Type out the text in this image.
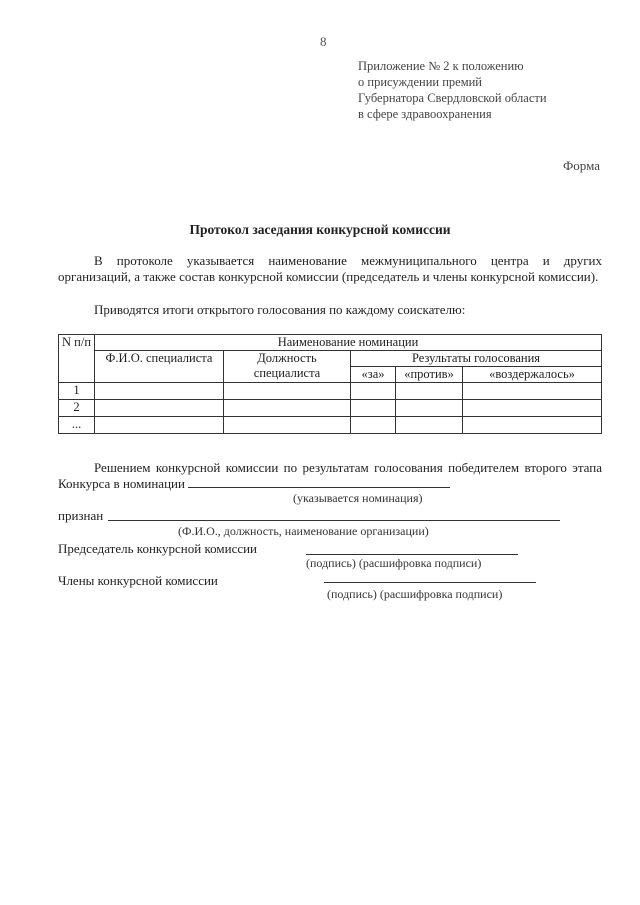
8
Приложение № 2 к положению
о присуждении премий
Губернатора Свердловской области
в сфере здравоохранения
Форма
Протокол заседания конкурсной комиссии
В протоколе указывается наименование межмуниципального центра и других организаций, а также состав конкурсной комиссии (председатель и члены конкурсной комиссии).
Приводятся итоги открытого голосования по каждому соискателю:
N п/п	Наименование номинации				
	Ф.И.О. специалиста	Должность специалиста	Результаты голосования		
			«за»	«против»	«воздержалось»
1					
2					
...					
Решением конкурсной комиссии по результатам голосования победителем второго этапа Конкурса в номинации
(указывается номинация)
признан
(Ф.И.О., должность, наименование организации)
Председатель конкурсной комиссии
(подпись) (расшифровка подписи)
Члены конкурсной комиссии
(подпись) (расшифровка подписи)
